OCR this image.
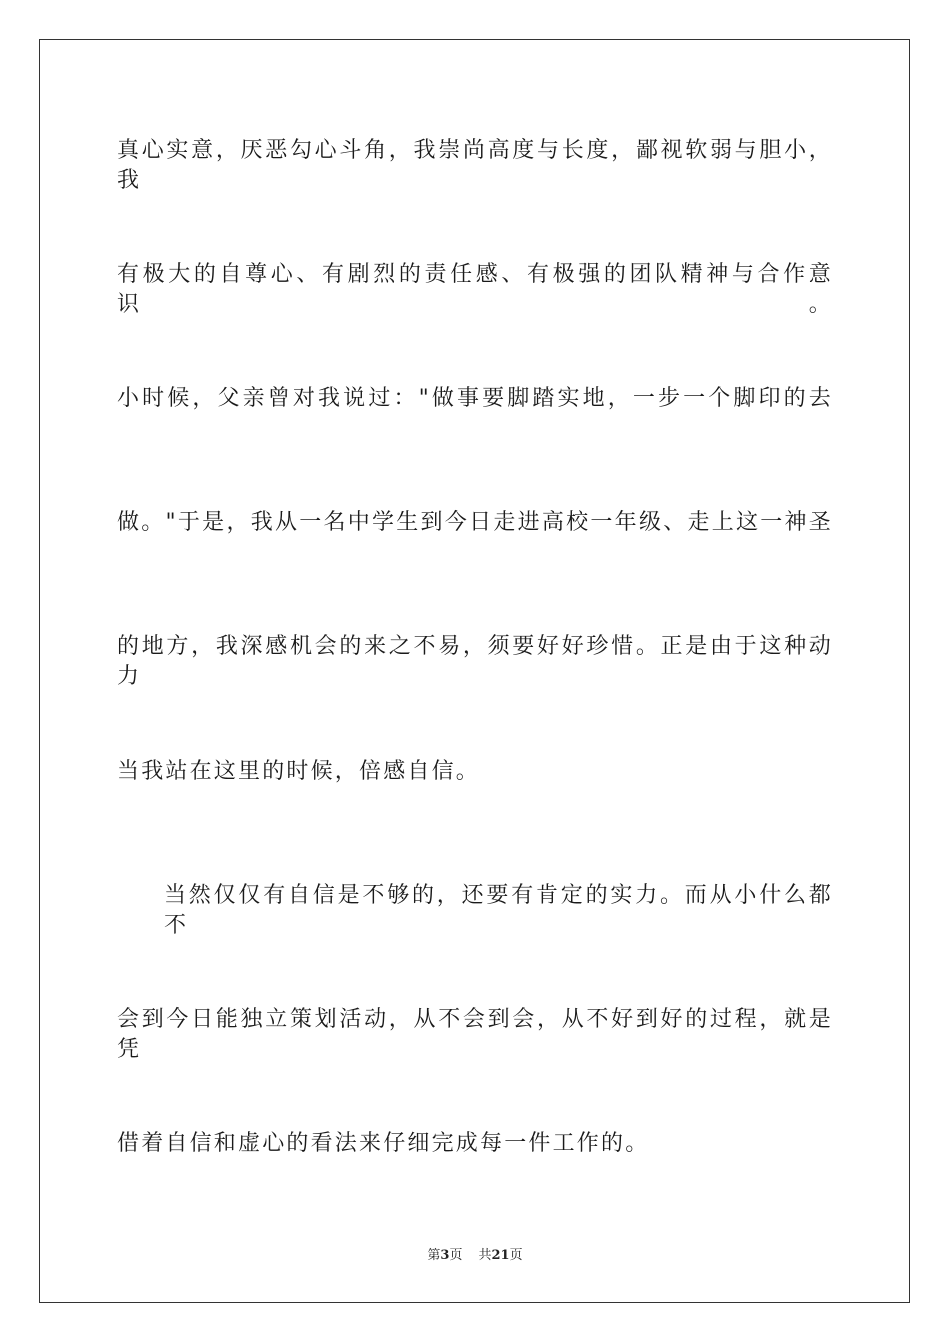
真心实意，厌恶勾心斗角，我崇尚高度与长度，鄙视软弱与胆小，我
有极大的自尊心、有剧烈的责任感、有极强的团队精神与合作意识。
小时候，父亲曾对我说过："做事要脚踏实地，一步一个脚印的去
做。"于是，我从一名中学生到今日走进高校一年级、走上这一神圣
的地方，我深感机会的来之不易，须要好好珍惜。正是由于这种动力
当我站在这里的时候，倍感自信。
当然仅仅有自信是不够的，还要有肯定的实力。而从小什么都不
会到今日能独立策划活动，从不会到会，从不好到好的过程，就是凭
借着自信和虚心的看法来仔细完成每一件工作的。
第3页 共21页
